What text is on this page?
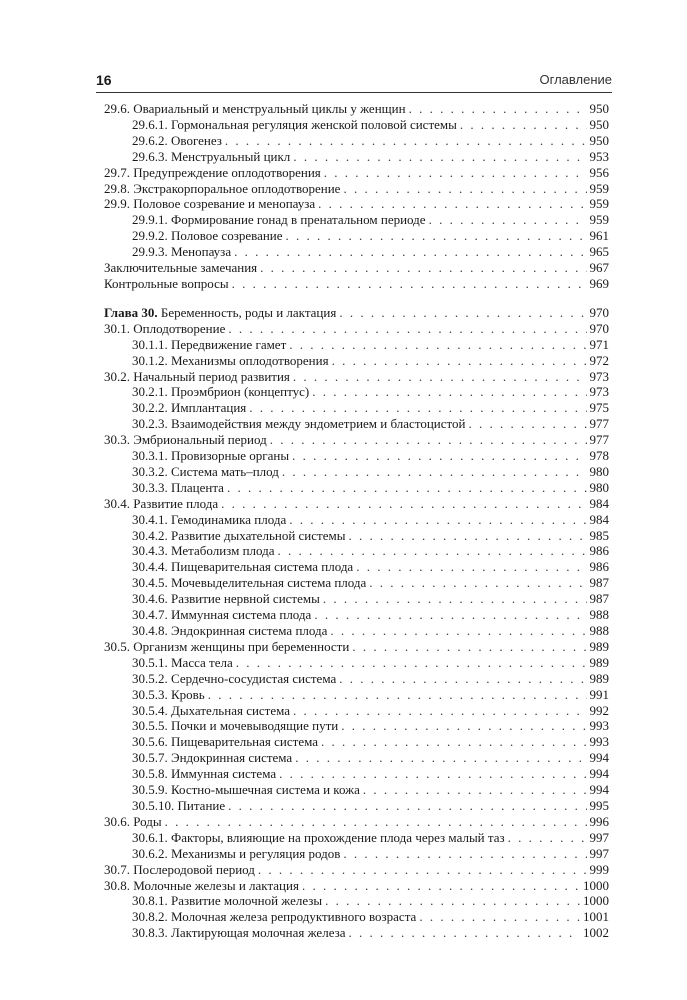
16	Оглавление
29.6. Овариальный и менструальный циклы у женщин . . .	950
29.6.1. Гормональная регуляция женской половой системы . . .	950
29.6.2. Овогенез . . .	950
29.6.3. Менструальный цикл . . .	953
29.7. Предупреждение оплодотворения . . .	956
29.8. Экстракорпоральное оплодотворение . . .	959
29.9. Половое созревание и менопауза . . .	959
29.9.1. Формирование гонад в пренатальном периоде . . .	959
29.9.2. Половое созревание . . .	961
29.9.3. Менопауза . . .	965
Заключительные замечания . . .	967
Контрольные вопросы . . .	969
Глава 30. Беременность, роды и лактация . . .	970
30.1. Оплодотворение . . .	970
30.1.1. Передвижение гамет . . .	971
30.1.2. Механизмы оплодотворения . . .	972
30.2. Начальный период развития . . .	973
30.2.1. Проэмбрион (концептус) . . .	973
30.2.2. Имплантация . . .	975
30.2.3. Взаимодействия между эндометрием и бластоцистой . . .	977
30.3. Эмбриональный период . . .	977
30.3.1. Провизорные органы . . .	978
30.3.2. Система мать–плод . . .	980
30.3.3. Плацента . . .	980
30.4. Развитие плода . . .	984
30.4.1. Гемодинамика плода . . .	984
30.4.2. Развитие дыхательной системы . . .	985
30.4.3. Метаболизм плода . . .	986
30.4.4. Пищеварительная система плода . . .	986
30.4.5. Мочевыделительная система плода . . .	987
30.4.6. Развитие нервной системы . . .	987
30.4.7. Иммунная система плода . . .	988
30.4.8. Эндокринная система плода . . .	988
30.5. Организм женщины при беременности . . .	989
30.5.1. Масса тела . . .	989
30.5.2. Сердечно-сосудистая система . . .	989
30.5.3. Кровь . . .	991
30.5.4. Дыхательная система . . .	992
30.5.5. Почки и мочевыводящие пути . . .	993
30.5.6. Пищеварительная система . . .	993
30.5.7. Эндокринная система . . .	994
30.5.8. Иммунная система . . .	994
30.5.9. Костно-мышечная система и кожа . . .	994
30.5.10. Питание . . .	995
30.6. Роды . . .	996
30.6.1. Факторы, влияющие на прохождение плода через малый таз . . .	997
30.6.2. Механизмы и регуляция родов . . .	997
30.7. Послеродовой период . . .	999
30.8. Молочные железы и лактация . . .	1000
30.8.1. Развитие молочной железы . . .	1000
30.8.2. Молочная железа репродуктивного возраста . . .	1001
30.8.3. Лактирующая молочная железа . . .	1002
